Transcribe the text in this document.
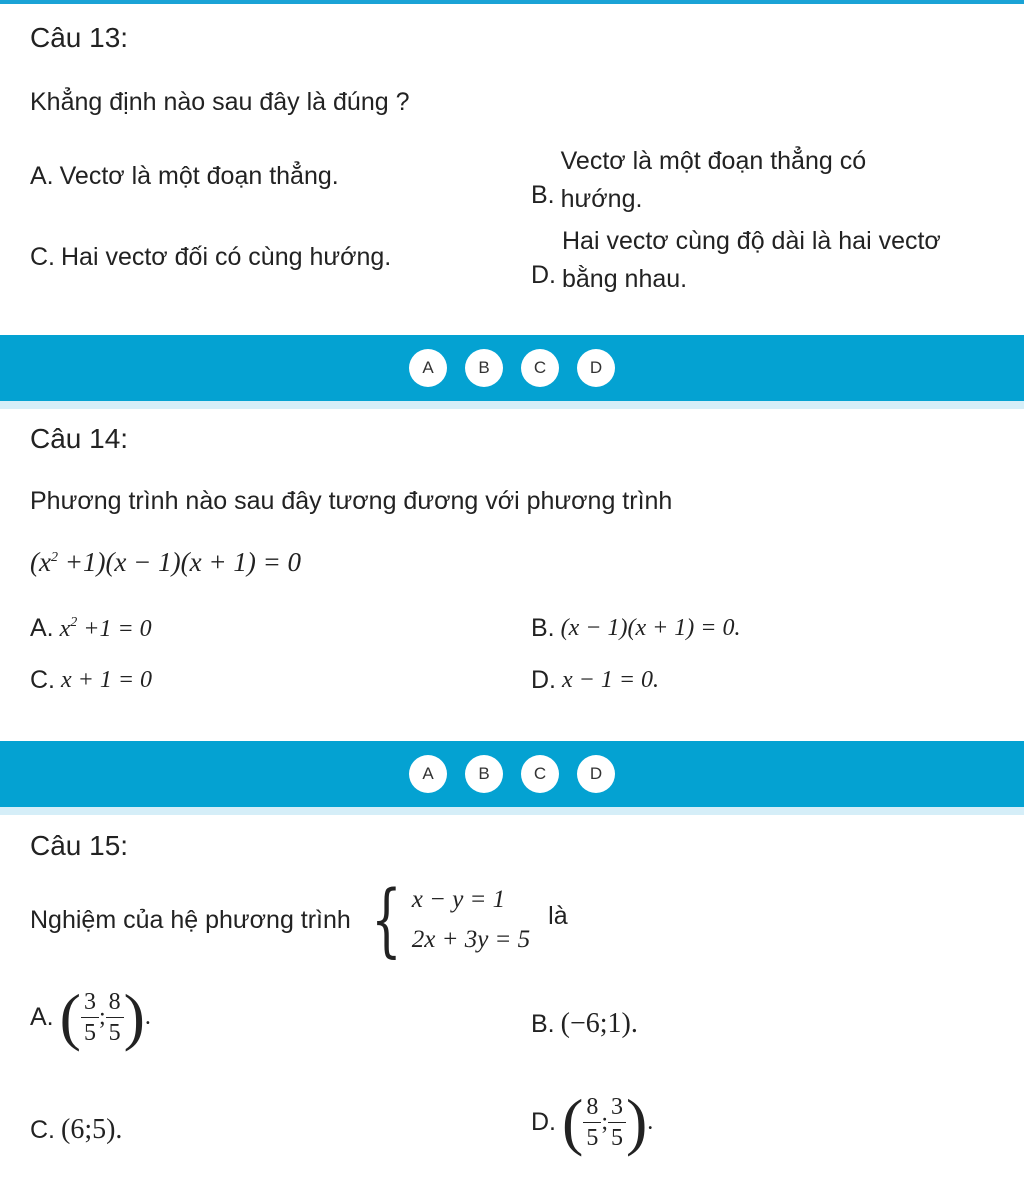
Câu 13:
Khẳng định nào sau đây là đúng ?
A. Vectơ là một đoạn thẳng.
B.
Vectơ là một đoạn thẳng có
hướng.
C. Hai vectơ đối có cùng hướng.
D.
Hai vectơ cùng độ dài là hai vectơ
bằng nhau.
A	B	C	D
Câu 14:
Phương trình nào sau đây tương đương với phương trình
$(x^2 +1)(x - 1)(x + 1) = 0$
A. $x^2 +1 = 0$	B. (x − 1)(x + 1) = 0.
C. x + 1 = 0	D. x − 1 = 0.
A	B	C	D
Câu 15:
Nghiệm của hệ phương trình { x − y = 1
2x + 3y = 5
là
A. ( $\frac{3}{5}$ ; $\frac{8}{5}$ ) .	B. (−6;1).
C. (6;5).	D. ( $\frac{8}{5}$ ; $\frac{3}{5}$ ) .
